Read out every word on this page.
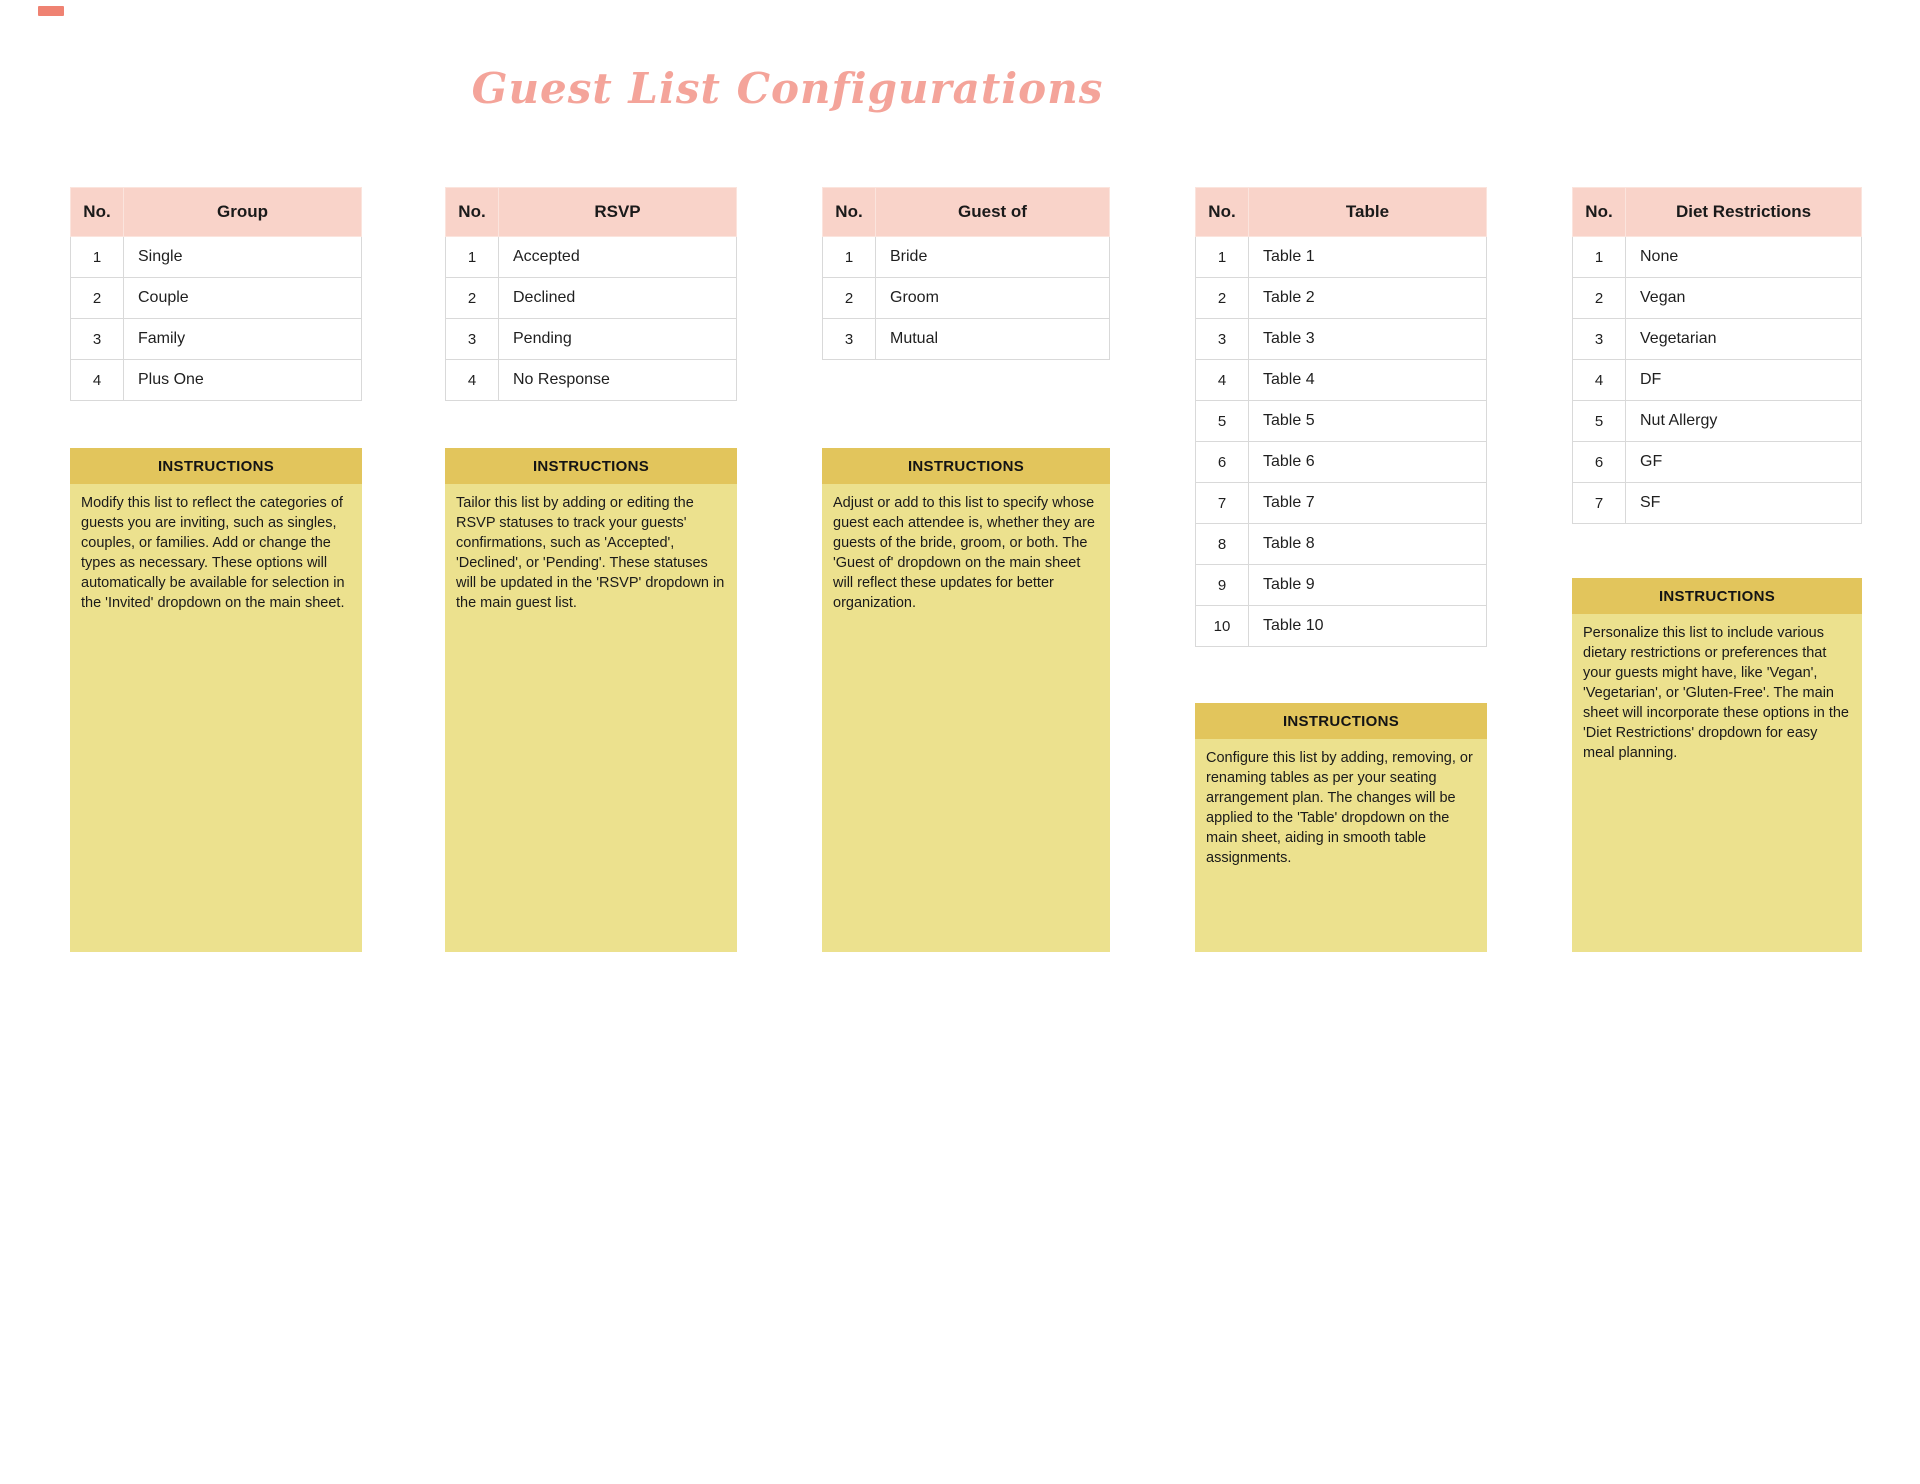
Guest List Configurations
No.	Group
1	Single
2	Couple
3	Family
4	Plus One
No.	RSVP
1	Accepted
2	Declined
3	Pending
4	No Response
No.	Guest of
1	Bride
2	Groom
3	Mutual
No.	Table
1	Table 1
2	Table 2
3	Table 3
4	Table 4
5	Table 5
6	Table 6
7	Table 7
8	Table 8
9	Table 9
10	Table 10
No.	Diet Restrictions
1	None
2	Vegan
3	Vegetarian
4	DF
5	Nut Allergy
6	GF
7	SF
INSTRUCTIONS
Modify this list to reflect the categories of guests you are inviting, such as singles, couples, or families. Add or change the types as necessary. These options will automatically be available for selection in the 'Invited' dropdown on the main sheet.
INSTRUCTIONS
Tailor this list by adding or editing the RSVP statuses to track your guests' confirmations, such as 'Accepted', 'Declined', or 'Pending'. These statuses will be updated in the 'RSVP' dropdown in the main guest list.
INSTRUCTIONS
Adjust or add to this list to specify whose guest each attendee is, whether they are guests of the bride, groom, or both. The 'Guest of' dropdown on the main sheet will reflect these updates for better organization.
INSTRUCTIONS
Configure this list by adding, removing, or renaming tables as per your seating arrangement plan. The changes will be applied to the 'Table' dropdown on the main sheet, aiding in smooth table assignments.
INSTRUCTIONS
Personalize this list to include various dietary restrictions or preferences that your guests might have, like 'Vegan', 'Vegetarian', or 'Gluten-Free'. The main sheet will incorporate these options in the 'Diet Restrictions' dropdown for easy meal planning.
